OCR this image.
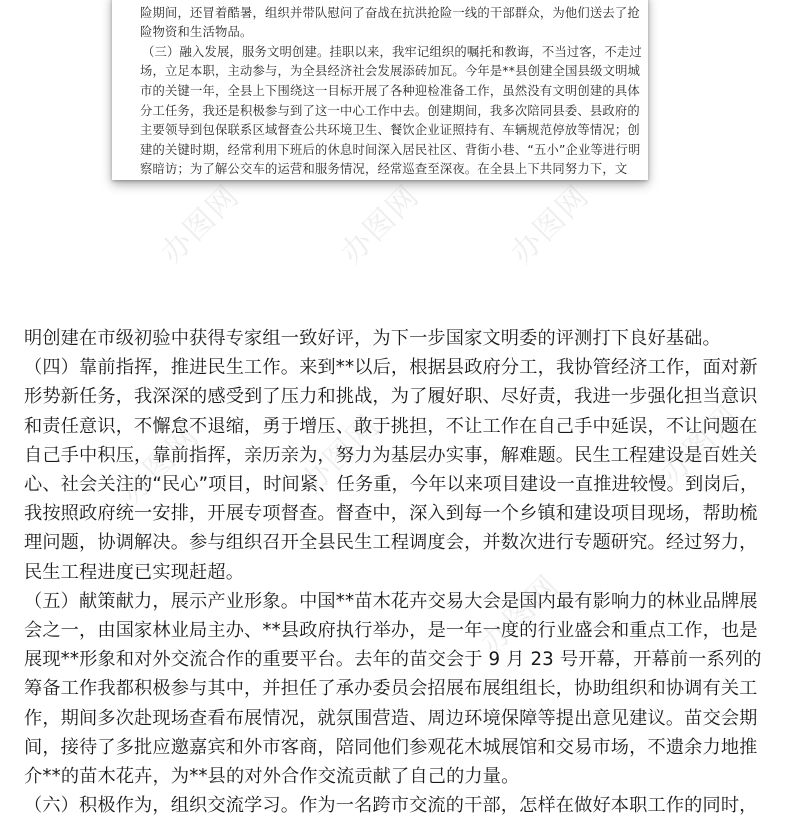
险期间，还冒着酷暑，组织并带队慰问了奋战在抗洪抢险一线的干部群众，为他们送去了抢

险物资和生活物品。

（三）融入发展，服务文明创建。挂职以来，我牢记组织的嘱托和教诲，不当过客，不走过

场，立足本职，主动参与，为全县经济社会发展添砖加瓦。今年是**县创建全国县级文明城

市的关键一年，全县上下围绕这一目标开展了各种迎检准备工作，虽然没有文明创建的具体

分工任务，我还是积极参与到了这一中心工作中去。创建期间，我多次陪同县委、县政府的

主要领导到包保联系区域督查公共环境卫生、餐饮企业证照持有、车辆规范停放等情况；创

建的关键时期，经常利用下班后的休息时间深入居民社区、背街小巷、“五小”企业等进行明

察暗访；为了解公交车的运营和服务情况，经常巡查至深夜。在全县上下共同努力下，文

办图网	办图网	办图网
办图网	办图网
办图网
办图网

明创建在市级初验中获得专家组一致好评，为下一步国家文明委的评测打下良好基础。

（四）靠前指挥，推进民生工作。来到**以后，根据县政府分工，我协管经济工作，面对新

形势新任务，我深深的感受到了压力和挑战，为了履好职、尽好责，我进一步强化担当意识

和责任意识，不懈怠不退缩，勇于增压、敢于挑担，不让工作在自己手中延误，不让问题在

自己手中积压，靠前指挥，亲历亲为，努力为基层办实事，解难题。民生工程建设是百姓关

心、社会关注的“民心”项目，时间紧、任务重，今年以来项目建设一直推进较慢。到岗后，

我按照政府统一安排，开展专项督查。督查中，深入到每一个乡镇和建设项目现场，帮助梳

理问题，协调解决。参与组织召开全县民生工程调度会，并数次进行专题研究。经过努力，

民生工程进度已实现赶超。

（五）献策献力，展示产业形象。中国**苗木花卉交易大会是国内最有影响力的林业品牌展

会之一，由国家林业局主办、**县政府执行举办，是一年一度的行业盛会和重点工作，也是

展现**形象和对外交流合作的重要平台。去年的苗交会于 9 月 23 号开幕，开幕前一系列的

筹备工作我都积极参与其中，并担任了承办委员会招展布展组组长，协助组织和协调有关工

作，期间多次赴现场查看布展情况，就氛围营造、周边环境保障等提出意见建议。苗交会期

间，接待了多批应邀嘉宾和外市客商，陪同他们参观花木城展馆和交易市场，不遗余力地推

介**的苗木花卉，为**县的对外合作交流贡献了自己的力量。

（六）积极作为，组织交流学习。作为一名跨市交流的干部，怎样在做好本职工作的同时，
